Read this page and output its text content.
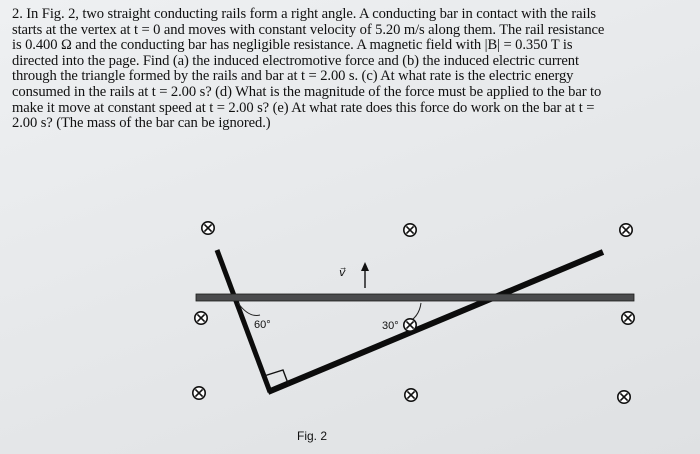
2. In Fig. 2, two straight conducting rails form a right angle. A conducting bar in contact with the rails

starts at the vertex at t = 0 and moves with constant velocity of 5.20 m/s along them. The rail resistance

is 0.400 Ω and the conducting bar has negligible resistance. A magnetic field with |B| = 0.350 T is

directed into the page. Find (a) the induced electromotive force and (b) the induced electric current

through the triangle formed by the rails and bar at t = 2.00 s. (c) At what rate is the electric energy

consumed in the rails at t = 2.00 s? (d) What is the magnitude of the force must be applied to the bar to

make it move at constant speed at t = 2.00 s? (e) At what rate does this force do work on the bar at t =

2.00 s? (The mass of the bar can be ignored.)

v⃗
60°	30°
Fig. 2
